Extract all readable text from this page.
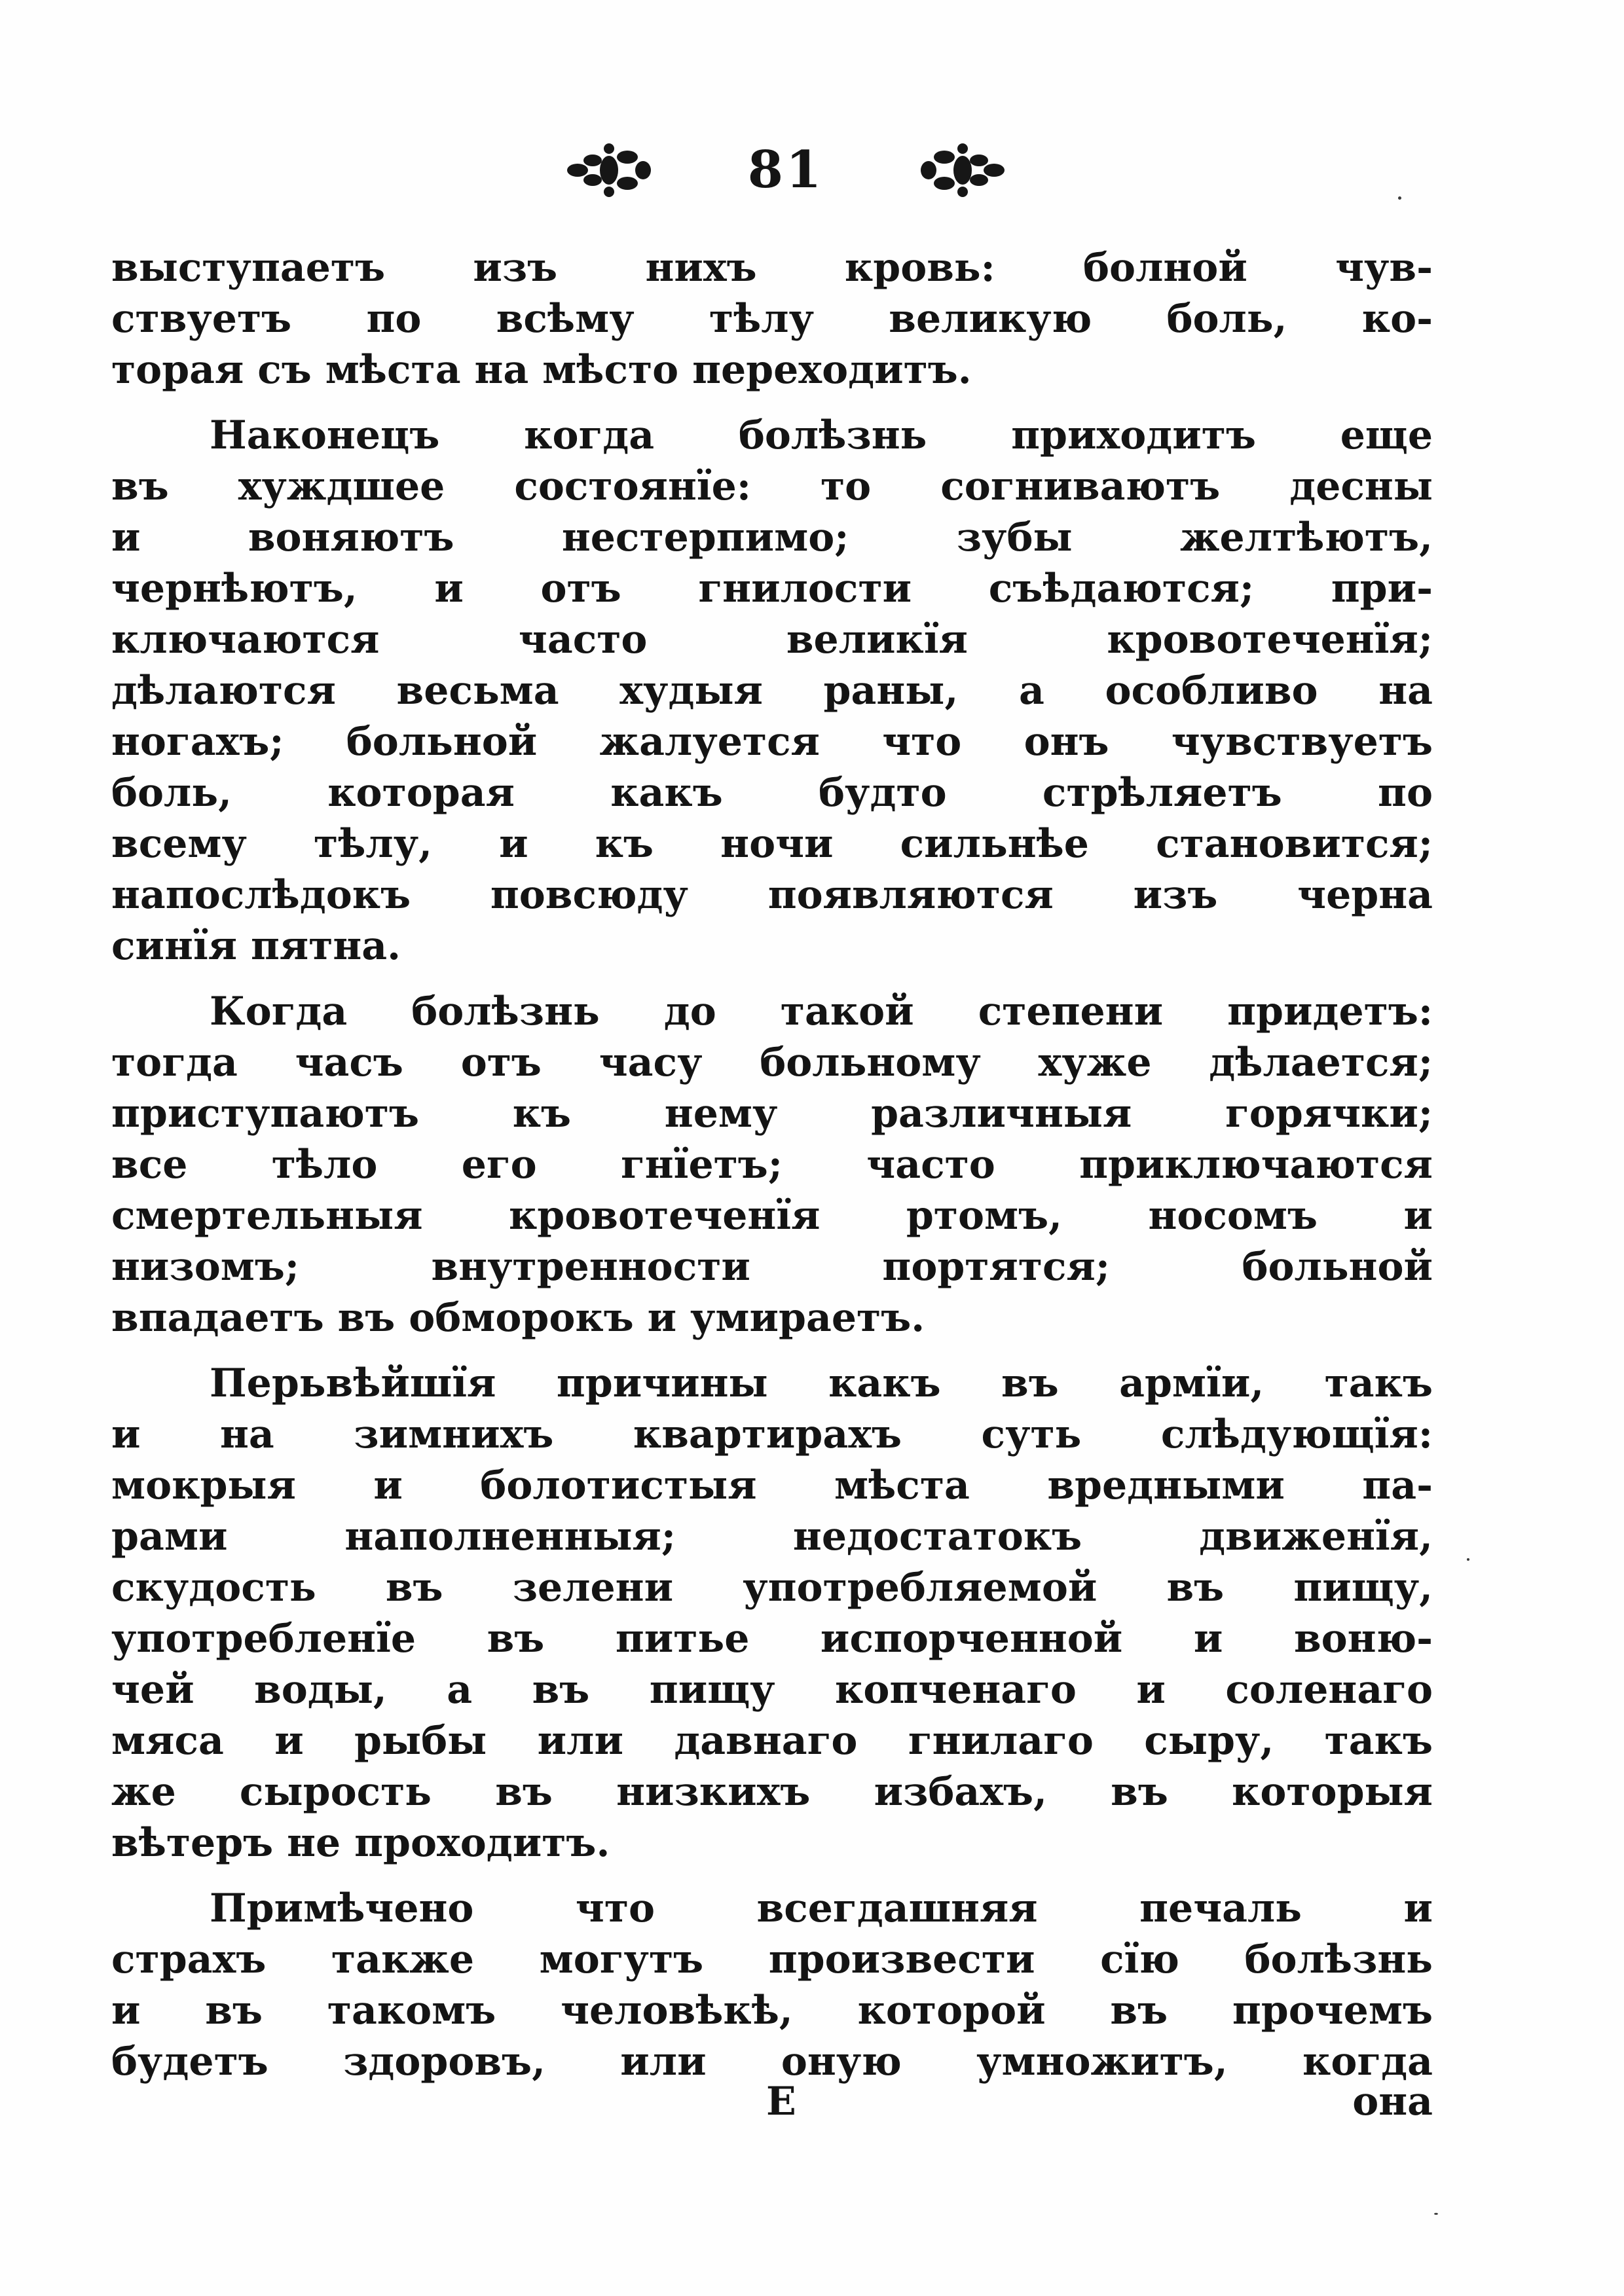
81
выступаетъ изъ нихъ кровь: болной чув-
ствуетъ по всѣму тѣлу великую боль, ко-
торая съ мѣста на мѣсто переходитъ.
Наконецъ когда болѣзнь приходитъ еще
въ хуждшее состоянїе: то согниваютъ десны
и воняютъ нестерпимо; зубы желтѣютъ,
чернѣютъ, и отъ гнилости съѣдаются; при-
ключаются часто великїя кровотеченїя;
дѣлаются весьма худыя раны, а особливо на
ногахъ; больной жалуется что онъ чувствуетъ
боль, которая какъ будто стрѣляетъ по
всему тѣлу, и къ ночи сильнѣе становится;
напослѣдокъ повсюду появляются изъ черна
синїя пятна.
Когда болѣзнь до такой степени придетъ:
тогда часъ отъ часу больному хуже дѣлается;
приступаютъ къ нему различныя горячки;
все тѣло его гнїетъ; часто приключаются
смертельныя кровотеченїя ртомъ, носомъ и
низомъ; внутренности портятся; больной
впадаетъ въ обморокъ и умираетъ.
Перьвѣйшїя причины какъ въ армїи, такъ
и на зимнихъ квартирахъ суть слѣдующїя:
мокрыя и болотистыя мѣста вредными па-
рами наполненныя; недостатокъ движенїя,
скудость въ зелени употребляемой въ пищу,
употребленїе въ питье испорченной и воню-
чей воды, а въ пищу копченаго и соленаго
мяса и рыбы или давнаго гнилаго сыру, такъ
же сырость въ низкихъ избахъ, въ которыя
вѣтеръ не проходитъ.
Примѣчено что всегдашняя печаль и
страхъ также могутъ произвести сїю болѣзнь
и въ такомъ человѣкѣ, которой въ прочемъ
будетъ здоровъ, или оную умножитъ, когда
E	она
